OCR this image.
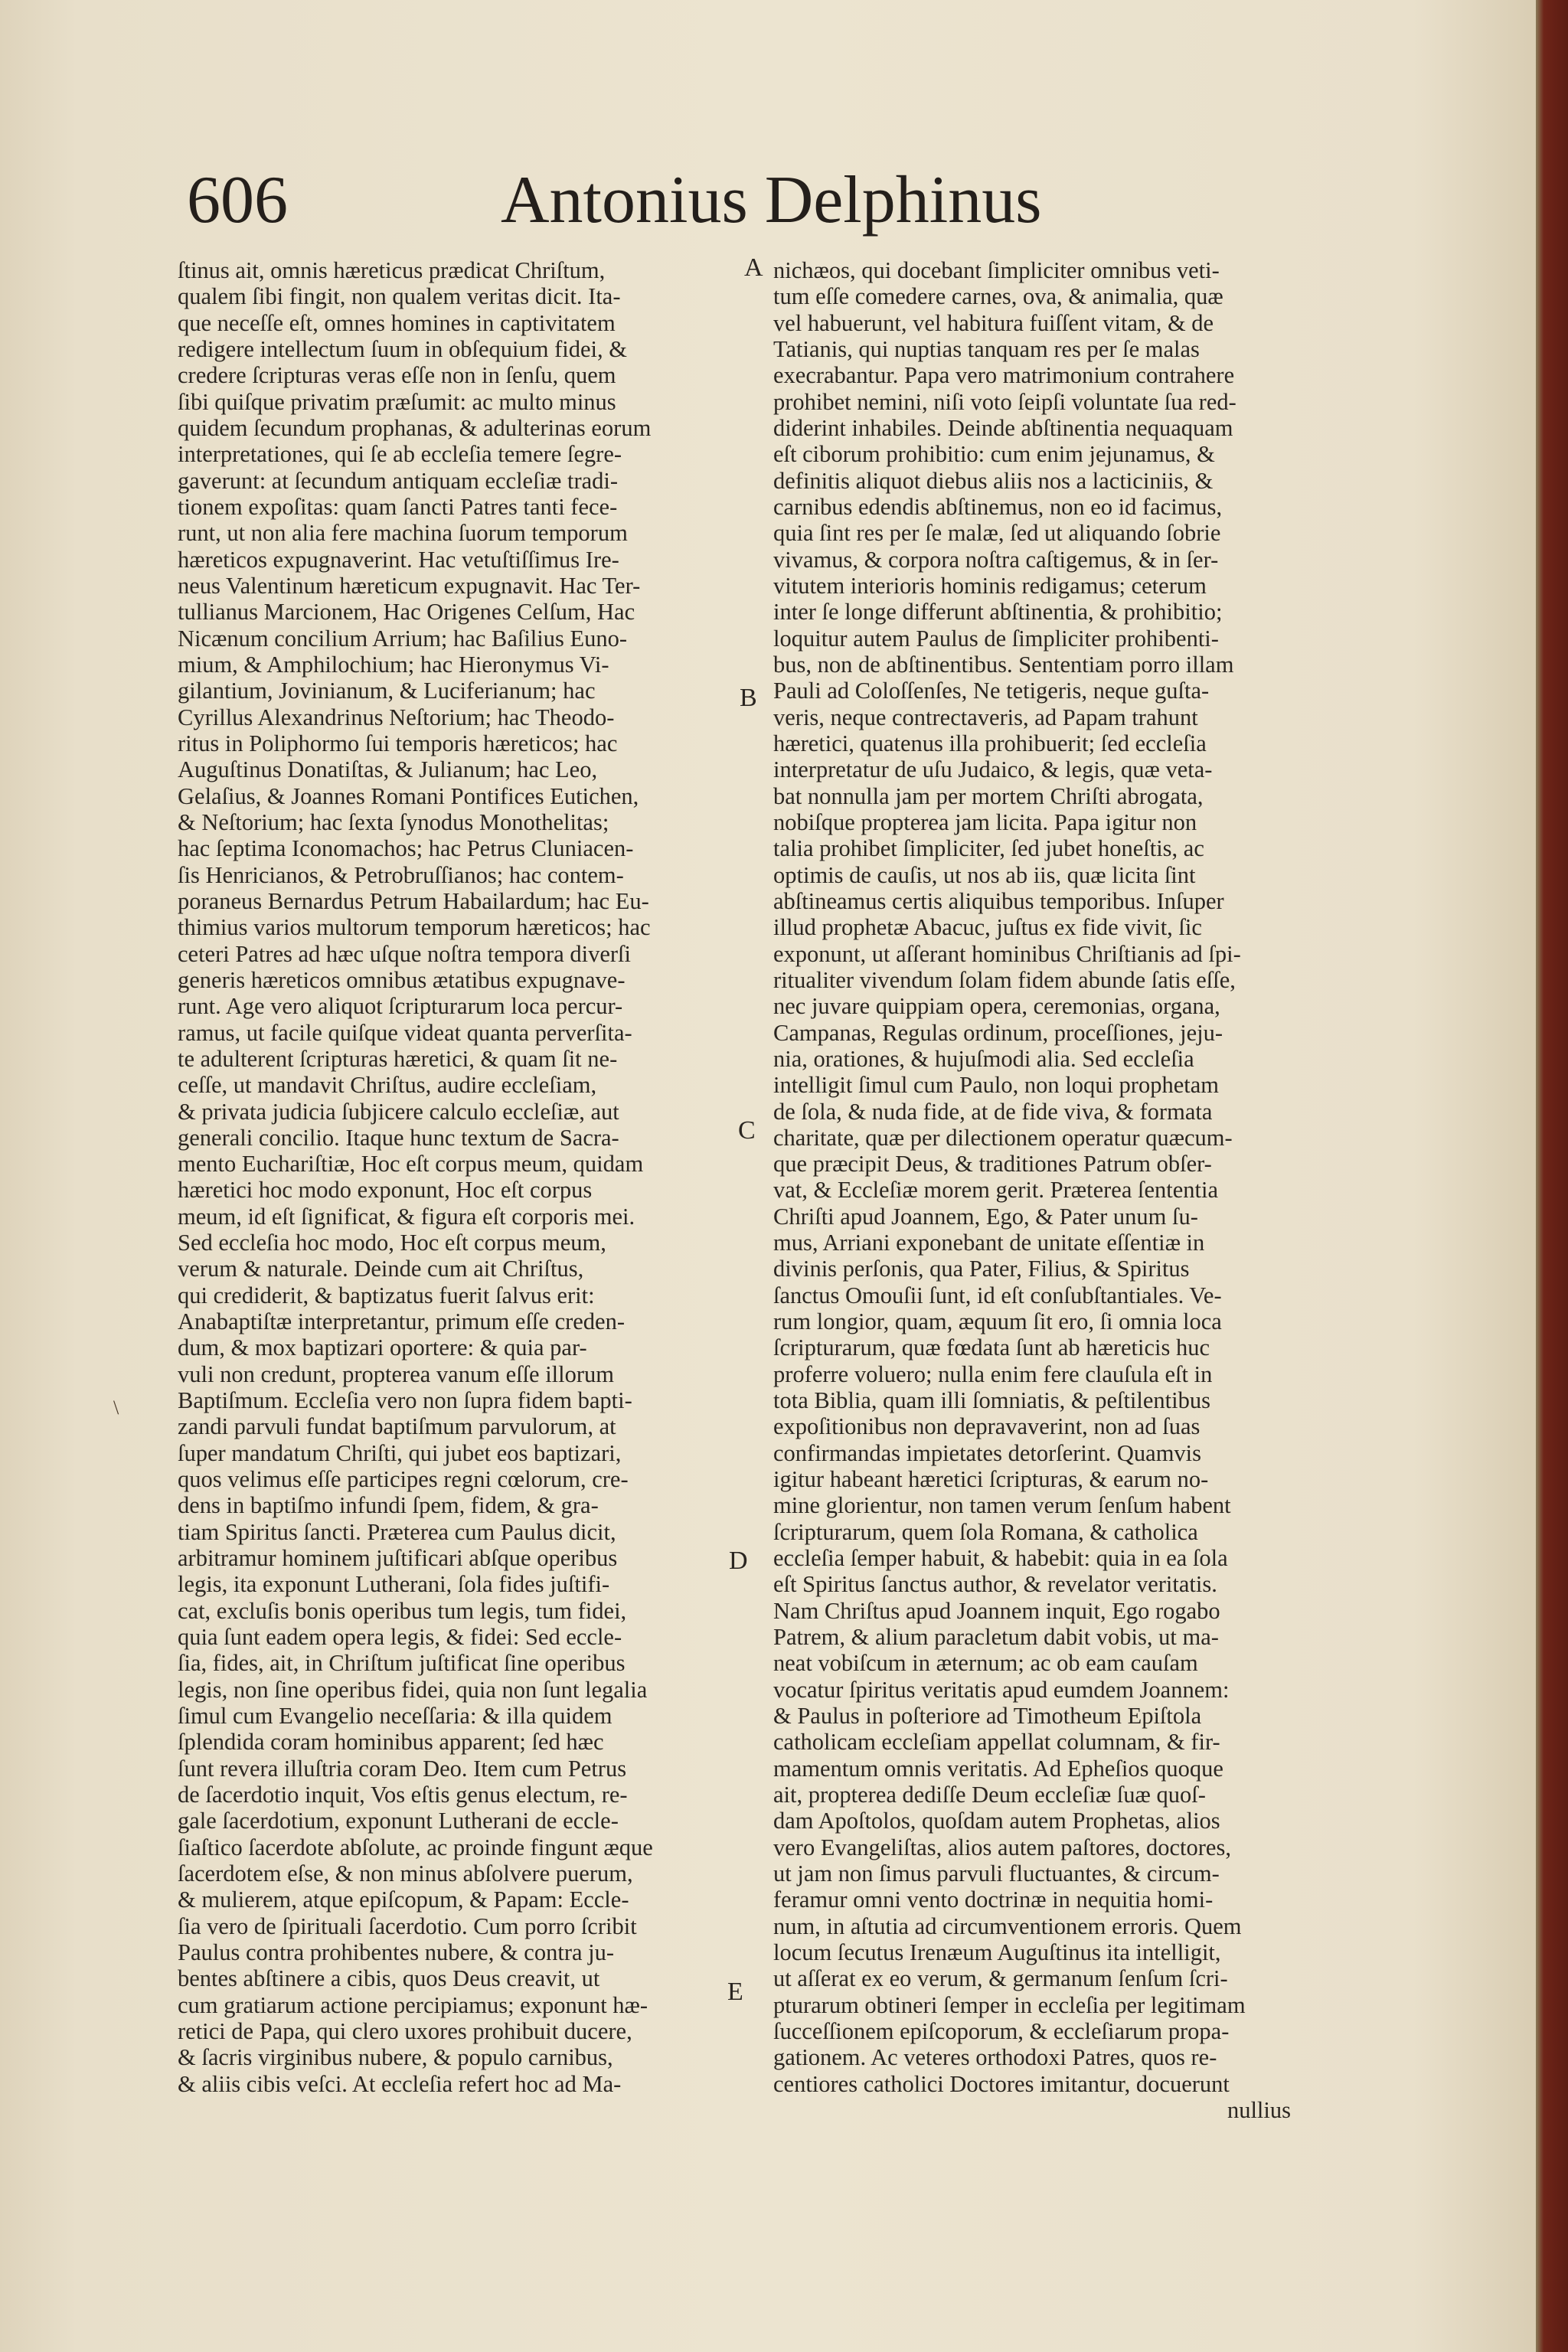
606	Antonius Delphinus
A
B
C
D
E
\
ſtinus ait, omnis hæreticus prædicat Chriſtum,
qualem ſibi fingit, non qualem veritas dicit. Ita-
que neceſſe eſt, omnes homines in captivitatem
redigere intellectum ſuum in obſequium fidei, &
credere ſcripturas veras eſſe non in ſenſu, quem
ſibi quiſque privatim præſumit: ac multo minus
quidem ſecundum prophanas, & adulterinas eorum
interpretationes, qui ſe ab eccleſia temere ſegre-
gaverunt: at ſecundum antiquam eccleſiæ tradi-
tionem expoſitas: quam ſancti Patres tanti fece-
runt, ut non alia fere machina ſuorum temporum
hæreticos expugnaverint. Hac vetuſtiſſimus Ire-
neus Valentinum hæreticum expugnavit. Hac Ter-
tullianus Marcionem, Hac Origenes Celſum, Hac
Nicænum concilium Arrium; hac Baſilius Euno-
mium, & Amphilochium; hac Hieronymus Vi-
gilantium, Jovinianum, & Luciferianum; hac
Cyrillus Alexandrinus Neſtorium; hac Theodo-
ritus in Poliphormo ſui temporis hæreticos; hac
Auguſtinus Donatiſtas, & Julianum; hac Leo,
Gelaſius, & Joannes Romani Pontifices Eutichen,
& Neſtorium; hac ſexta ſynodus Monothelitas;
hac ſeptima Iconomachos; hac Petrus Cluniacen-
ſis Henricianos, & Petrobruſſianos; hac contem-
poraneus Bernardus Petrum Habailardum; hac Eu-
thimius varios multorum temporum hæreticos; hac
ceteri Patres ad hæc uſque noſtra tempora diverſi
generis hæreticos omnibus ætatibus expugnave-
runt. Age vero aliquot ſcripturarum loca percur-
ramus, ut facile quiſque videat quanta perverſita-
te adulterent ſcripturas hæretici, & quam ſit ne-
ceſſe, ut mandavit Chriſtus, audire eccleſiam,
& privata judicia ſubjicere calculo eccleſiæ, aut
generali concilio. Itaque hunc textum de Sacra-
mento Euchariſtiæ, Hoc eſt corpus meum, quidam
hæretici hoc modo exponunt, Hoc eſt corpus
meum, id eſt ſignificat, & figura eſt corporis mei.
Sed eccleſia hoc modo, Hoc eſt corpus meum,
verum & naturale. Deinde cum ait Chriſtus,
qui crediderit, & baptizatus fuerit ſalvus erit:
Anabaptiſtæ interpretantur, primum eſſe creden-
dum, & mox baptizari oportere: & quia par-
vuli non credunt, propterea vanum eſſe illorum
Baptiſmum. Eccleſia vero non ſupra fidem bapti-
zandi parvuli fundat baptiſmum parvulorum, at
ſuper mandatum Chriſti, qui jubet eos baptizari,
quos velimus eſſe participes regni cœlorum, cre-
dens in baptiſmo infundi ſpem, fidem, & gra-
tiam Spiritus ſancti. Præterea cum Paulus dicit,
arbitramur hominem juſtificari abſque operibus
legis, ita exponunt Lutherani, ſola fides juſtifi-
cat, excluſis bonis operibus tum legis, tum fidei,
quia ſunt eadem opera legis, & fidei: Sed eccle-
ſia, fides, ait, in Chriſtum juſtificat ſine operibus
legis, non ſine operibus fidei, quia non ſunt legalia
ſimul cum Evangelio neceſſaria: & illa quidem
ſplendida coram hominibus apparent; ſed hæc
ſunt revera illuſtria coram Deo. Item cum Petrus
de ſacerdotio inquit, Vos eſtis genus electum, re-
gale ſacerdotium, exponunt Lutherani de eccle-
ſiaſtico ſacerdote abſolute, ac proinde fingunt æque
ſacerdotem eſse, & non minus abſolvere puerum,
& mulierem, atque epiſcopum, & Papam: Eccle-
ſia vero de ſpirituali ſacerdotio. Cum porro ſcribit
Paulus contra prohibentes nubere, & contra ju-
bentes abſtinere a cibis, quos Deus creavit, ut
cum gratiarum actione percipiamus; exponunt hæ-
retici de Papa, qui clero uxores prohibuit ducere,
& ſacris virginibus nubere, & populo carnibus,
& aliis cibis veſci. At eccleſia refert hoc ad Ma-
nichæos, qui docebant ſimpliciter omnibus veti-
tum eſſe comedere carnes, ova, & animalia, quæ
vel habuerunt, vel habitura fuiſſent vitam, & de
Tatianis, qui nuptias tanquam res per ſe malas
execrabantur. Papa vero matrimonium contrahere
prohibet nemini, niſi voto ſeipſi voluntate ſua red-
diderint inhabiles. Deinde abſtinentia nequaquam
eſt ciborum prohibitio: cum enim jejunamus, &
definitis aliquot diebus aliis nos a lacticiniis, &
carnibus edendis abſtinemus, non eo id facimus,
quia ſint res per ſe malæ, ſed ut aliquando ſobrie
vivamus, & corpora noſtra caſtigemus, & in ſer-
vitutem interioris hominis redigamus; ceterum
inter ſe longe differunt abſtinentia, & prohibitio;
loquitur autem Paulus de ſimpliciter prohibenti-
bus, non de abſtinentibus. Sententiam porro illam
Pauli ad Coloſſenſes, Ne tetigeris, neque guſta-
veris, neque contrectaveris, ad Papam trahunt
hæretici, quatenus illa prohibuerit; ſed eccleſia
interpretatur de uſu Judaico, & legis, quæ veta-
bat nonnulla jam per mortem Chriſti abrogata,
nobiſque propterea jam licita. Papa igitur non
talia prohibet ſimpliciter, ſed jubet honeſtis, ac
optimis de cauſis, ut nos ab iis, quæ licita ſint
abſtineamus certis aliquibus temporibus. Inſuper
illud prophetæ Abacuc, juſtus ex fide vivit, ſic
exponunt, ut aſſerant hominibus Chriſtianis ad ſpi-
ritualiter vivendum ſolam fidem abunde ſatis eſſe,
nec juvare quippiam opera, ceremonias, organa,
Campanas, Regulas ordinum, proceſſiones, jeju-
nia, orationes, & hujuſmodi alia. Sed eccleſia
intelligit ſimul cum Paulo, non loqui prophetam
de ſola, & nuda fide, at de fide viva, & formata
charitate, quæ per dilectionem operatur quæcum-
que præcipit Deus, & traditiones Patrum obſer-
vat, & Eccleſiæ morem gerit. Præterea ſententia
Chriſti apud Joannem, Ego, & Pater unum ſu-
mus, Arriani exponebant de unitate eſſentiæ in
divinis perſonis, qua Pater, Filius, & Spiritus
ſanctus Omouſii ſunt, id eſt conſubſtantiales. Ve-
rum longior, quam, æquum ſit ero, ſi omnia loca
ſcripturarum, quæ fœdata ſunt ab hæreticis huc
proferre voluero; nulla enim fere clauſula eſt in
tota Biblia, quam illi ſomniatis, & peſtilentibus
expoſitionibus non depravaverint, non ad ſuas
confirmandas impietates detorſerint. Quamvis
igitur habeant hæretici ſcripturas, & earum no-
mine glorientur, non tamen verum ſenſum habent
ſcripturarum, quem ſola Romana, & catholica
eccleſia ſemper habuit, & habebit: quia in ea ſola
eſt Spiritus ſanctus author, & revelator veritatis.
Nam Chriſtus apud Joannem inquit, Ego rogabo
Patrem, & alium paracletum dabit vobis, ut ma-
neat vobiſcum in æternum; ac ob eam cauſam
vocatur ſpiritus veritatis apud eumdem Joannem:
& Paulus in poſteriore ad Timotheum Epiſtola
catholicam eccleſiam appellat columnam, & fir-
mamentum omnis veritatis. Ad Epheſios quoque
ait, propterea dediſſe Deum eccleſiæ ſuæ quoſ-
dam Apoſtolos, quoſdam autem Prophetas, alios
vero Evangeliſtas, alios autem paſtores, doctores,
ut jam non ſimus parvuli fluctuantes, & circum-
feramur omni vento doctrinæ in nequitia homi-
num, in aſtutia ad circumventionem erroris. Quem
locum ſecutus Irenæum Auguſtinus ita intelligit,
ut aſſerat ex eo verum, & germanum ſenſum ſcri-
pturarum obtineri ſemper in eccleſia per legitimam
ſucceſſionem epiſcoporum, & eccleſiarum propa-
gationem. Ac veteres orthodoxi Patres, quos re-
centiores catholici Doctores imitantur, docuerunt
nullius
